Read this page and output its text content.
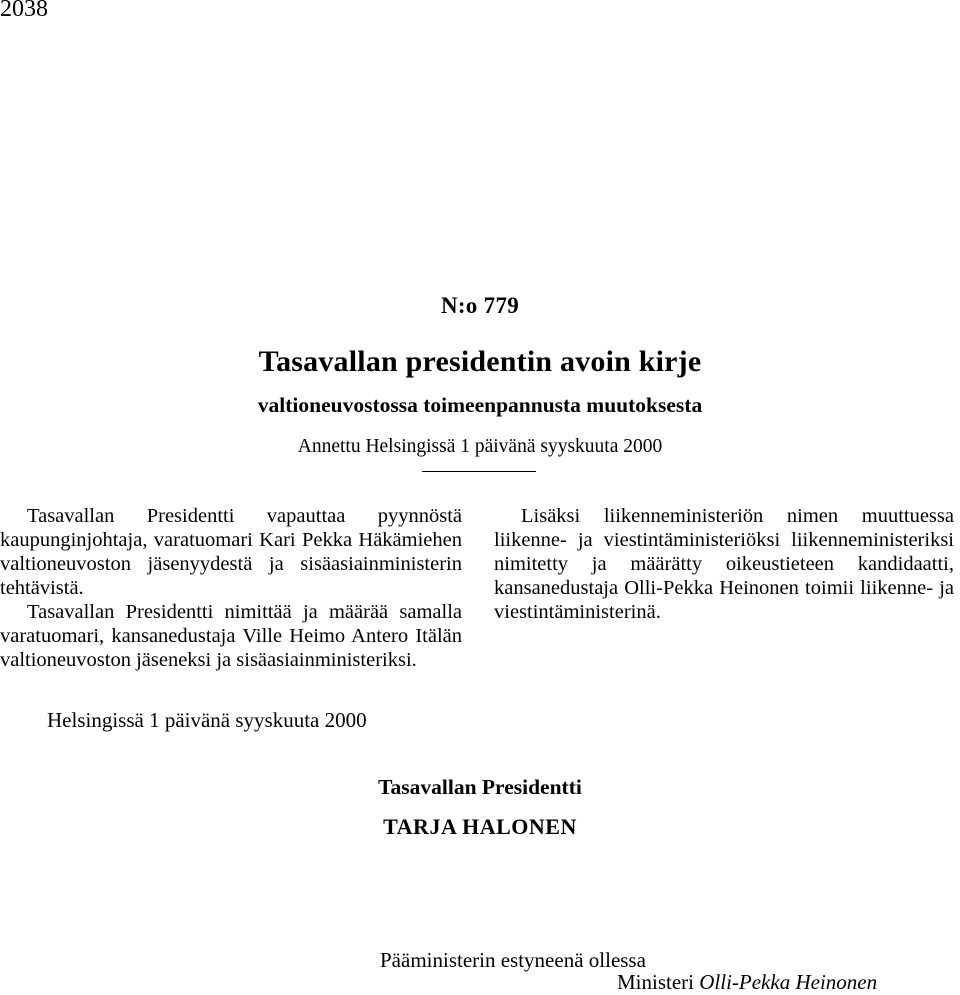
2038
N:o 779
Tasavallan presidentin avoin kirje
valtioneuvostossa toimeenpannusta muutoksesta
Annettu Helsingissä 1 päivänä syyskuuta 2000

Tasavallan Presidentti vapauttaa pyynnöstä kaupunginjohtaja, varatuomari Kari Pekka Häkämiehen valtioneuvoston jäsenyydestä ja sisäasiainministerin tehtävistä.

Tasavallan Presidentti nimittää ja määrää samalla varatuomari, kansanedustaja Ville Heimo Antero Itälän valtioneuvoston jäseneksi ja sisäasiainministeriksi.

Lisäksi liikenneministeriön nimen muuttuessa liikenne- ja viestintäministeriöksi liikenneministeriksi nimitetty ja määrätty oikeustieteen kandidaatti, kansanedustaja Olli-Pekka Heinonen toimii liikenne- ja viestintäministerinä.

Helsingissä 1 päivänä syyskuuta 2000
Tasavallan Presidentti
TARJA HALONEN
Pääministerin estyneenä ollessa
Ministeri Olli-Pekka Heinonen
